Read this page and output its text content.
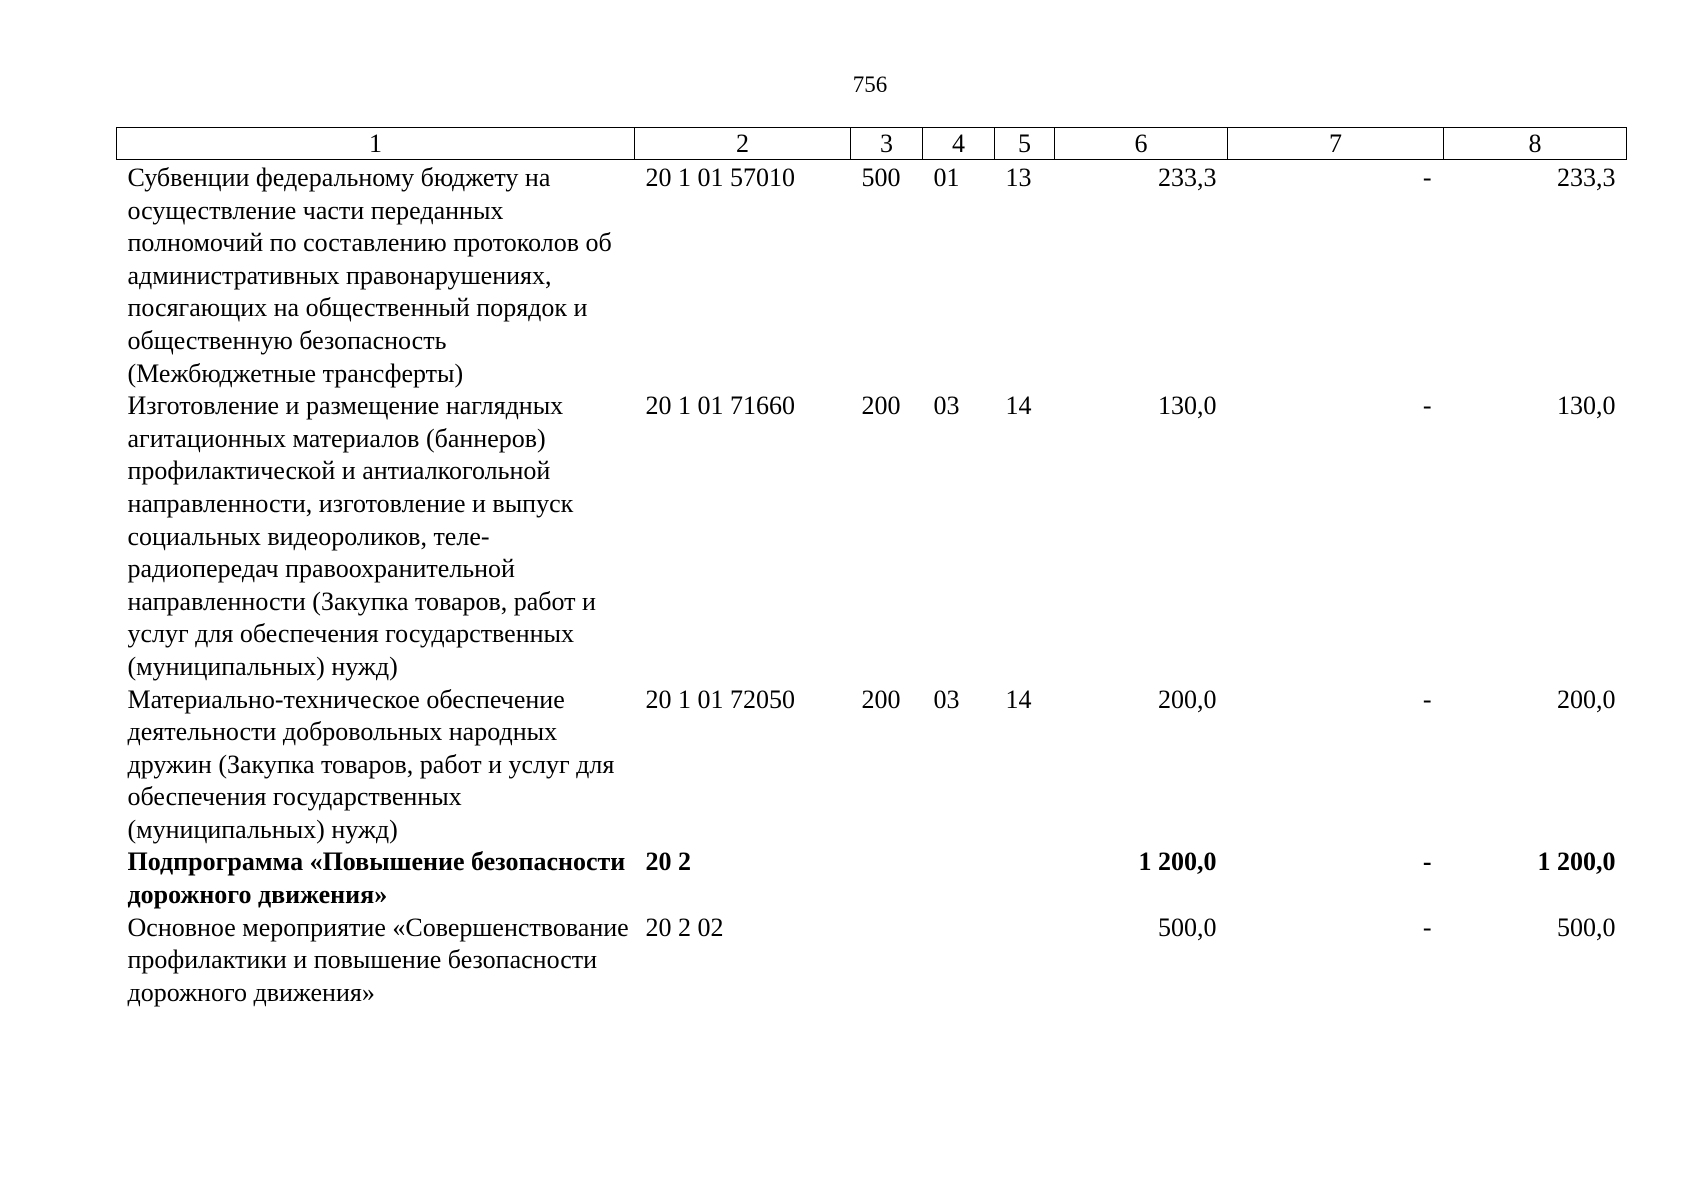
756
1	2	3	4	5	6	7	8
Субвенции федеральному бюджету на осуществление части переданных полномочий по составлению протоколов об административных правонарушениях, посягающих на общественный порядок и общественную безопасность (Межбюджетные трансферты)	20 1 01 57010	500	01	13	233,3	-	233,3
Изготовление и размещение наглядных агитационных материалов (баннеров) профилактической и антиалкогольной направленности, изготовление и выпуск социальных видеороликов, теле-радиопередач правоохранительной направленности (Закупка товаров, работ и услуг для обеспечения государственных (муниципальных) нужд)	20 1 01 71660	200	03	14	130,0	-	130,0
Материально-техническое обеспечение деятельности добровольных народных дружин (Закупка товаров, работ и услуг для обеспечения государственных (муниципальных) нужд)	20 1 01 72050	200	03	14	200,0	-	200,0
Подпрограмма «Повышение безопасности дорожного движения»	20 2				1 200,0	-	1 200,0
Основное мероприятие «Совершенствование профилактики и повышение безопасности дорожного движения»	20 2 02				500,0	-	500,0
